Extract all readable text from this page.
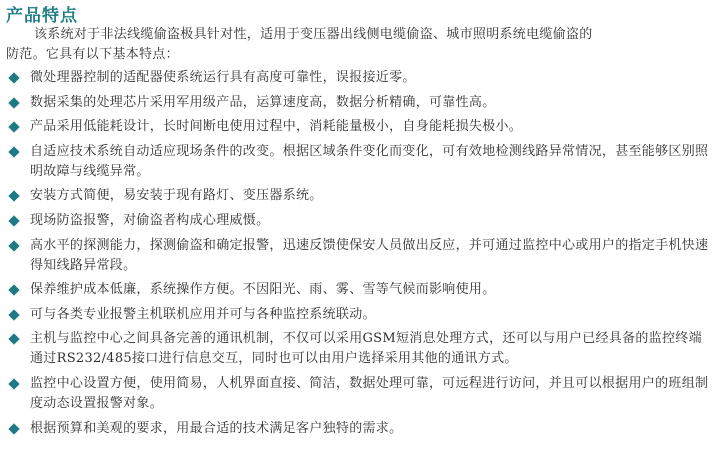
产品特点
该系统对于非法线缆偷盗极具针对性，适用于变压器出线侧电缆偷盗、城市照明系统电缆偷盗的
防范。它具有以下基本特点：
微处理器控制的适配器使系统运行具有高度可靠性，误报接近零。
数据采集的处理芯片采用军用级产品，运算速度高，数据分析精确，可靠性高。
产品采用低能耗设计，长时间断电使用过程中，消耗能量极小，自身能耗损失极小。
自适应技术系统自动适应现场条件的改变。根据区域条件变化而变化，可有效地检测线路异常情况，甚至能够区别照明故障与线缆异常。
安装方式简便，易安装于现有路灯、变压器系统。
现场防盗报警，对偷盗者构成心理威慑。
高水平的探测能力，探测偷盗和确定报警，迅速反馈使保安人员做出反应，并可通过监控中心或用户的指定手机快速得知线路异常段。
保养维护成本低廉，系统操作方便。不因阳光、雨、雾、雪等气候而影响使用。
可与各类专业报警主机联机应用并可与各种监控系统联动。
主机与监控中心之间具备完善的通讯机制，不仅可以采用GSM短消息处理方式，还可以与用户已经具备的监控终端通过RS232/485接口进行信息交互，同时也可以由用户选择采用其他的通讯方式。
监控中心设置方便，使用简易，人机界面直接、简洁，数据处理可靠，可远程进行访问，并且可以根据用户的班组制度动态设置报警对象。
根据预算和美观的要求，用最合适的技术满足客户独特的需求。
